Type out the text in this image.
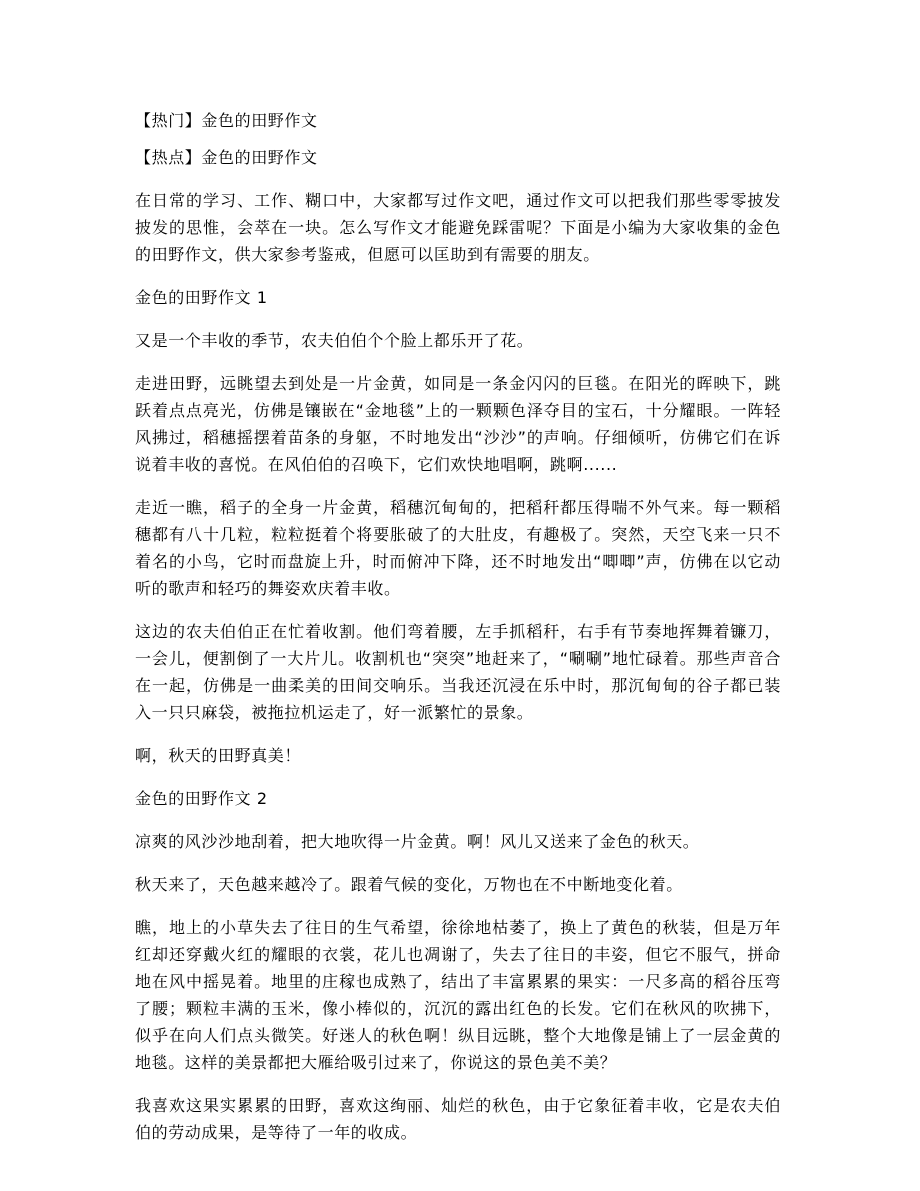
【热门】金色的田野作文

【热点】金色的田野作文

在日常的学习、工作、糊口中，大家都写过作文吧，通过作文可以把我们那些零零披发披发的思惟，会萃在一块。怎么写作文才能避免踩雷呢？下面是小编为大家收集的金色的田野作文，供大家参考鉴戒，但愿可以匡助到有需要的朋友。

金色的田野作文 1

又是一个丰收的季节，农夫伯伯个个脸上都乐开了花。

走进田野，远眺望去到处是一片金黄，如同是一条金闪闪的巨毯。在阳光的晖映下，跳跃着点点亮光，仿佛是镶嵌在“金地毯”上的一颗颗色泽夺目的宝石，十分耀眼。一阵轻风拂过，稻穗摇摆着苗条的身躯，不时地发出“沙沙”的声响。仔细倾听，仿佛它们在诉说着丰收的喜悦。在风伯伯的召唤下，它们欢快地唱啊，跳啊......

走近一瞧，稻子的全身一片金黄，稻穗沉甸甸的，把稻秆都压得喘不外气来。每一颗稻穗都有八十几粒，粒粒挺着个将要胀破了的大肚皮，有趣极了。突然，天空飞来一只不着名的小鸟，它时而盘旋上升，时而俯冲下降，还不时地发出“唧唧”声，仿佛在以它动听的歌声和轻巧的舞姿欢庆着丰收。

这边的农夫伯伯正在忙着收割。他们弯着腰，左手抓稻秆，右手有节奏地挥舞着镰刀，一会儿，便割倒了一大片儿。收割机也“突突”地赶来了，“唰唰”地忙碌着。那些声音合在一起，仿佛是一曲柔美的田间交响乐。当我还沉浸在乐中时，那沉甸甸的谷子都已装入一只只麻袋，被拖拉机运走了，好一派繁忙的景象。

啊，秋天的田野真美！

金色的田野作文 2

凉爽的风沙沙地刮着，把大地吹得一片金黄。啊！风儿又送来了金色的秋天。

秋天来了，天色越来越冷了。跟着气候的变化，万物也在不中断地变化着。

瞧，地上的小草失去了往日的生气希望，徐徐地枯萎了，换上了黄色的秋装，但是万年红却还穿戴火红的耀眼的衣裳，花儿也凋谢了，失去了往日的丰姿，但它不服气，拼命地在风中摇晃着。地里的庄稼也成熟了，结出了丰富累累的果实：一尺多高的稻谷压弯了腰；颗粒丰满的玉米，像小棒似的，沉沉的露出红色的长发。它们在秋风的吹拂下，似乎在向人们点头微笑。好迷人的秋色啊！纵目远眺，整个大地像是铺上了一层金黄的地毯。这样的美景都把大雁给吸引过来了，你说这的景色美不美？

我喜欢这果实累累的田野，喜欢这绚丽、灿烂的秋色，由于它象征着丰收，它是农夫伯伯的劳动成果，是等待了一年的收成。
